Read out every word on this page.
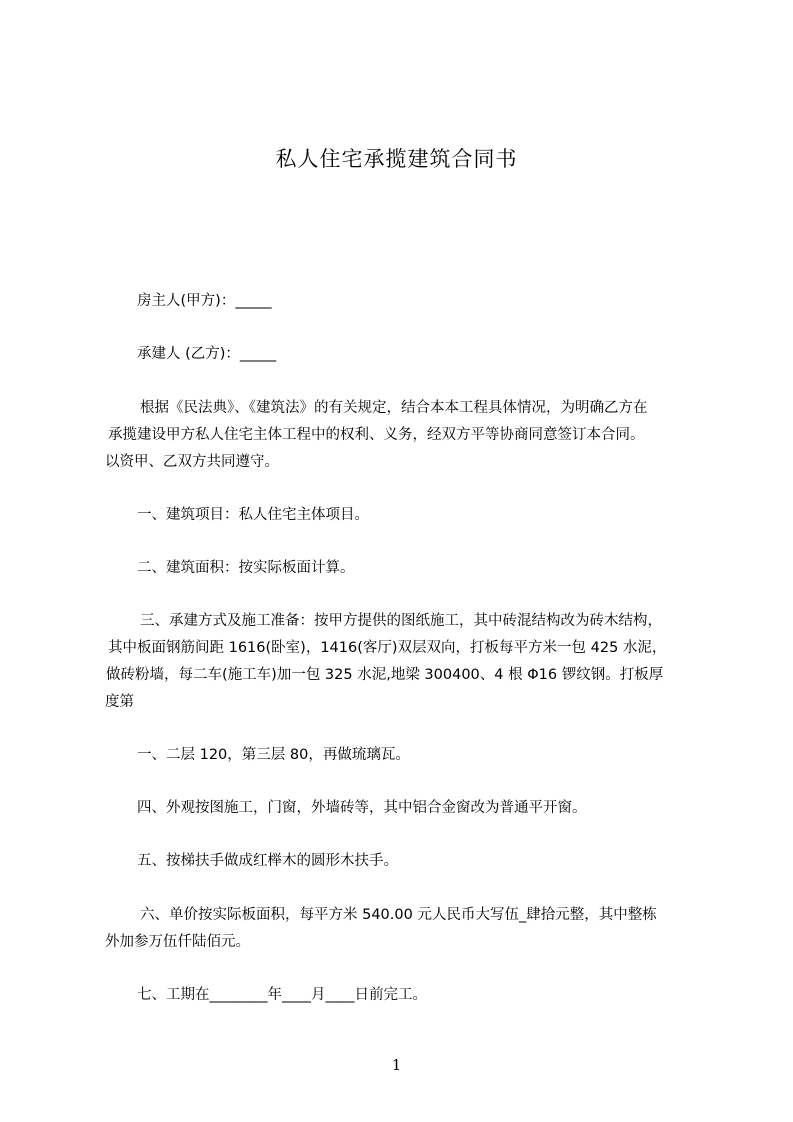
私人住宅承揽建筑合同书
房主人(甲方)：_____
承建人 (乙方)：_____
根据《民法典》、《建筑法》的有关规定，结合本本工程具体情况，为明确乙方在
承揽建设甲方私人住宅主体工程中的权利、义务，经双方平等协商同意签订本合同。
以资甲、乙双方共同遵守。
一、建筑项目：私人住宅主体项目。
二、建筑面积：按实际板面计算。
三、承建方式及施工准备：按甲方提供的图纸施工，其中砖混结构改为砖木结构，
其中板面钢筋间距 1616(卧室)，1416(客厅)双层双向，打板每平方米一包 425 水泥，
做砖粉墙，每二车(施工车)加一包 325 水泥,地梁 300400、4 根 Φ16 锣纹钢。打板厚
度第
一、二层 120，第三层 80，再做琉璃瓦。
四、外观按图施工，门窗，外墙砖等，其中铝合金窗改为普通平开窗。
五、按梯扶手做成红榉木的圆形木扶手。
六、单价按实际板面积，每平方米 540.00 元人民币大写伍_肆拾元整，其中整栋
外加参万伍仟陆佰元。
七、工期在________年____月____日前完工。
1
